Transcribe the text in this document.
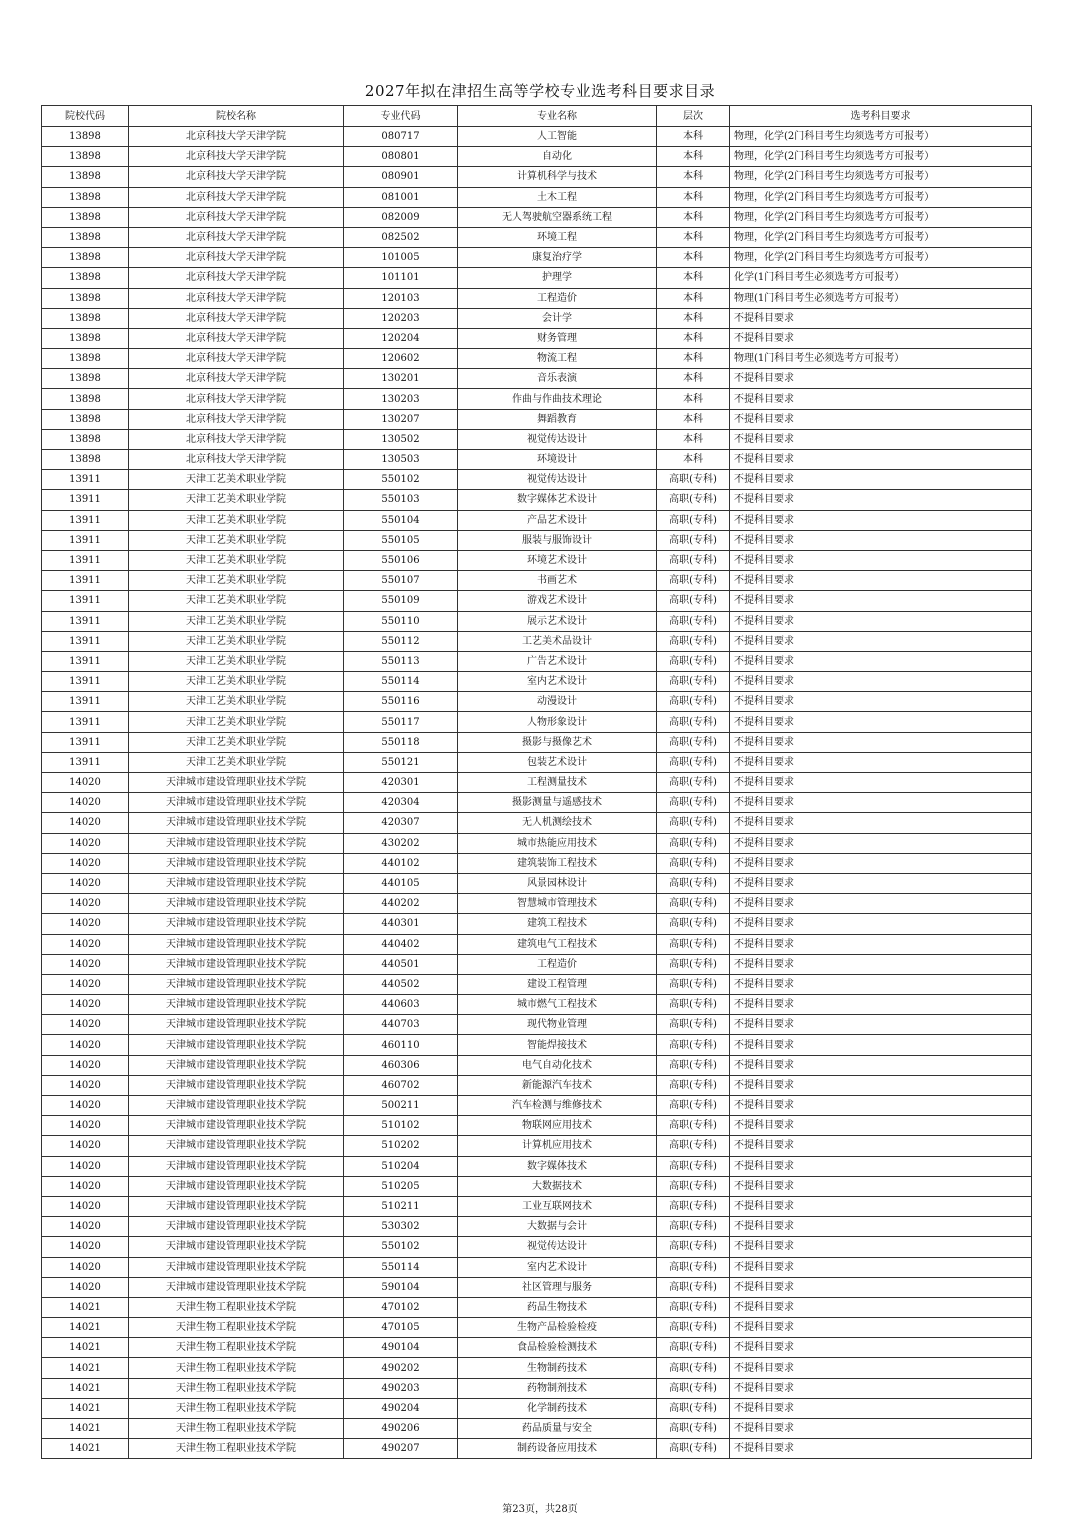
2027年拟在津招生高等学校专业选考科目要求目录
院校代码	院校名称	专业代码	专业名称	层次	选考科目要求
13898	北京科技大学天津学院	080717	人工智能	本科	物理，化学(2门科目考生均须选考方可报考）
13898	北京科技大学天津学院	080801	自动化	本科	物理，化学(2门科目考生均须选考方可报考）
13898	北京科技大学天津学院	080901	计算机科学与技术	本科	物理，化学(2门科目考生均须选考方可报考）
13898	北京科技大学天津学院	081001	土木工程	本科	物理，化学(2门科目考生均须选考方可报考）
13898	北京科技大学天津学院	082009	无人驾驶航空器系统工程	本科	物理，化学(2门科目考生均须选考方可报考）
13898	北京科技大学天津学院	082502	环境工程	本科	物理，化学(2门科目考生均须选考方可报考）
13898	北京科技大学天津学院	101005	康复治疗学	本科	物理，化学(2门科目考生均须选考方可报考）
13898	北京科技大学天津学院	101101	护理学	本科	化学(1门科目考生必须选考方可报考）
13898	北京科技大学天津学院	120103	工程造价	本科	物理(1门科目考生必须选考方可报考）
13898	北京科技大学天津学院	120203	会计学	本科	不提科目要求
13898	北京科技大学天津学院	120204	财务管理	本科	不提科目要求
13898	北京科技大学天津学院	120602	物流工程	本科	物理(1门科目考生必须选考方可报考）
13898	北京科技大学天津学院	130201	音乐表演	本科	不提科目要求
13898	北京科技大学天津学院	130203	作曲与作曲技术理论	本科	不提科目要求
13898	北京科技大学天津学院	130207	舞蹈教育	本科	不提科目要求
13898	北京科技大学天津学院	130502	视觉传达设计	本科	不提科目要求
13898	北京科技大学天津学院	130503	环境设计	本科	不提科目要求
13911	天津工艺美术职业学院	550102	视觉传达设计	高职(专科)	不提科目要求
13911	天津工艺美术职业学院	550103	数字媒体艺术设计	高职(专科)	不提科目要求
13911	天津工艺美术职业学院	550104	产品艺术设计	高职(专科)	不提科目要求
13911	天津工艺美术职业学院	550105	服装与服饰设计	高职(专科)	不提科目要求
13911	天津工艺美术职业学院	550106	环境艺术设计	高职(专科)	不提科目要求
13911	天津工艺美术职业学院	550107	书画艺术	高职(专科)	不提科目要求
13911	天津工艺美术职业学院	550109	游戏艺术设计	高职(专科)	不提科目要求
13911	天津工艺美术职业学院	550110	展示艺术设计	高职(专科)	不提科目要求
13911	天津工艺美术职业学院	550112	工艺美术品设计	高职(专科)	不提科目要求
13911	天津工艺美术职业学院	550113	广告艺术设计	高职(专科)	不提科目要求
13911	天津工艺美术职业学院	550114	室内艺术设计	高职(专科)	不提科目要求
13911	天津工艺美术职业学院	550116	动漫设计	高职(专科)	不提科目要求
13911	天津工艺美术职业学院	550117	人物形象设计	高职(专科)	不提科目要求
13911	天津工艺美术职业学院	550118	摄影与摄像艺术	高职(专科)	不提科目要求
13911	天津工艺美术职业学院	550121	包装艺术设计	高职(专科)	不提科目要求
14020	天津城市建设管理职业技术学院	420301	工程测量技术	高职(专科)	不提科目要求
14020	天津城市建设管理职业技术学院	420304	摄影测量与遥感技术	高职(专科)	不提科目要求
14020	天津城市建设管理职业技术学院	420307	无人机测绘技术	高职(专科)	不提科目要求
14020	天津城市建设管理职业技术学院	430202	城市热能应用技术	高职(专科)	不提科目要求
14020	天津城市建设管理职业技术学院	440102	建筑装饰工程技术	高职(专科)	不提科目要求
14020	天津城市建设管理职业技术学院	440105	风景园林设计	高职(专科)	不提科目要求
14020	天津城市建设管理职业技术学院	440202	智慧城市管理技术	高职(专科)	不提科目要求
14020	天津城市建设管理职业技术学院	440301	建筑工程技术	高职(专科)	不提科目要求
14020	天津城市建设管理职业技术学院	440402	建筑电气工程技术	高职(专科)	不提科目要求
14020	天津城市建设管理职业技术学院	440501	工程造价	高职(专科)	不提科目要求
14020	天津城市建设管理职业技术学院	440502	建设工程管理	高职(专科)	不提科目要求
14020	天津城市建设管理职业技术学院	440603	城市燃气工程技术	高职(专科)	不提科目要求
14020	天津城市建设管理职业技术学院	440703	现代物业管理	高职(专科)	不提科目要求
14020	天津城市建设管理职业技术学院	460110	智能焊接技术	高职(专科)	不提科目要求
14020	天津城市建设管理职业技术学院	460306	电气自动化技术	高职(专科)	不提科目要求
14020	天津城市建设管理职业技术学院	460702	新能源汽车技术	高职(专科)	不提科目要求
14020	天津城市建设管理职业技术学院	500211	汽车检测与维修技术	高职(专科)	不提科目要求
14020	天津城市建设管理职业技术学院	510102	物联网应用技术	高职(专科)	不提科目要求
14020	天津城市建设管理职业技术学院	510202	计算机应用技术	高职(专科)	不提科目要求
14020	天津城市建设管理职业技术学院	510204	数字媒体技术	高职(专科)	不提科目要求
14020	天津城市建设管理职业技术学院	510205	大数据技术	高职(专科)	不提科目要求
14020	天津城市建设管理职业技术学院	510211	工业互联网技术	高职(专科)	不提科目要求
14020	天津城市建设管理职业技术学院	530302	大数据与会计	高职(专科)	不提科目要求
14020	天津城市建设管理职业技术学院	550102	视觉传达设计	高职(专科)	不提科目要求
14020	天津城市建设管理职业技术学院	550114	室内艺术设计	高职(专科)	不提科目要求
14020	天津城市建设管理职业技术学院	590104	社区管理与服务	高职(专科)	不提科目要求
14021	天津生物工程职业技术学院	470102	药品生物技术	高职(专科)	不提科目要求
14021	天津生物工程职业技术学院	470105	生物产品检验检疫	高职(专科)	不提科目要求
14021	天津生物工程职业技术学院	490104	食品检验检测技术	高职(专科)	不提科目要求
14021	天津生物工程职业技术学院	490202	生物制药技术	高职(专科)	不提科目要求
14021	天津生物工程职业技术学院	490203	药物制剂技术	高职(专科)	不提科目要求
14021	天津生物工程职业技术学院	490204	化学制药技术	高职(专科)	不提科目要求
14021	天津生物工程职业技术学院	490206	药品质量与安全	高职(专科)	不提科目要求
14021	天津生物工程职业技术学院	490207	制药设备应用技术	高职(专科)	不提科目要求
第23页，共28页
